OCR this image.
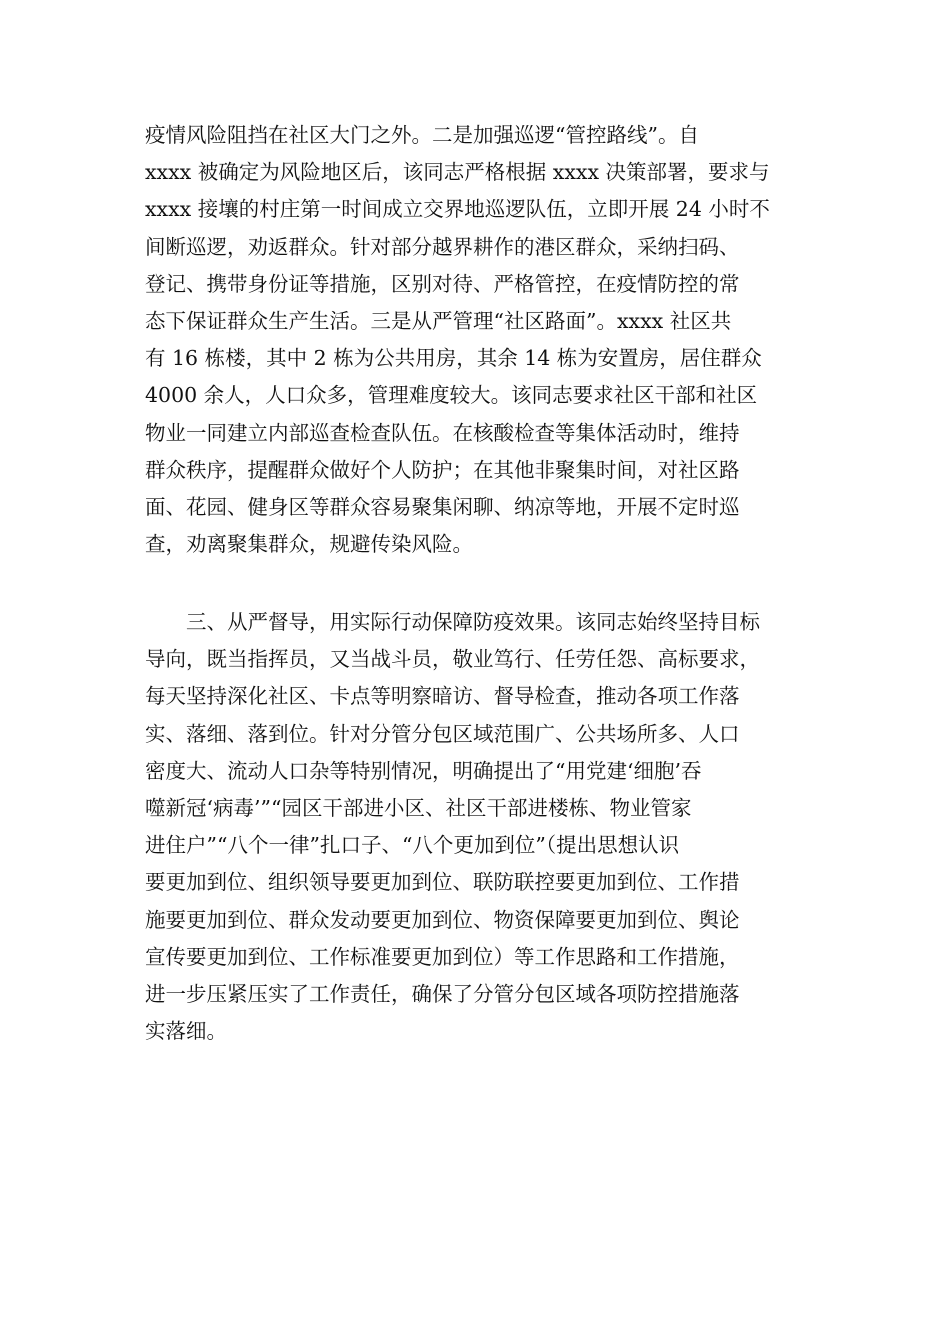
疫情风险阻挡在社区大门之外。二是加强巡逻“管控路线”。自
xxxx 被确定为风险地区后，该同志严格根据 xxxx 决策部署，要求与
xxxx 接壤的村庄第一时间成立交界地巡逻队伍，立即开展 24 小时不
间断巡逻，劝返群众。针对部分越界耕作的港区群众，采纳扫码、
登记、携带身份证等措施，区别对待、严格管控，在疫情防控的常
态下保证群众生产生活。三是从严管理“社区路面”。xxxx 社区共
有 16 栋楼，其中 2 栋为公共用房，其余 14 栋为安置房，居住群众
4000 余人，人口众多，管理难度较大。该同志要求社区干部和社区
物业一同建立内部巡查检查队伍。在核酸检查等集体活动时，维持
群众秩序，提醒群众做好个人防护；在其他非聚集时间，对社区路
面、花园、健身区等群众容易聚集闲聊、纳凉等地，开展不定时巡
查，劝离聚集群众，规避传染风险。
三、从严督导，用实际行动保障防疫效果。该同志始终坚持目标
导向，既当指挥员，又当战斗员，敬业笃行、任劳任怨、高标要求，
每天坚持深化社区、卡点等明察暗访、督导检查，推动各项工作落
实、落细、落到位。针对分管分包区域范围广、公共场所多、人口
密度大、流动人口杂等特别情况，明确提出了“用党建‘细胞’吞
噬新冠‘病毒’”“园区干部进小区、社区干部进楼栋、物业管家
进住户”“八个一律”扎口子、“八个更加到位”（提出思想认识
要更加到位、组织领导要更加到位、联防联控要更加到位、工作措
施要更加到位、群众发动要更加到位、物资保障要更加到位、舆论
宣传要更加到位、工作标准要更加到位）等工作思路和工作措施，
进一步压紧压实了工作责任，确保了分管分包区域各项防控措施落
实落细。
